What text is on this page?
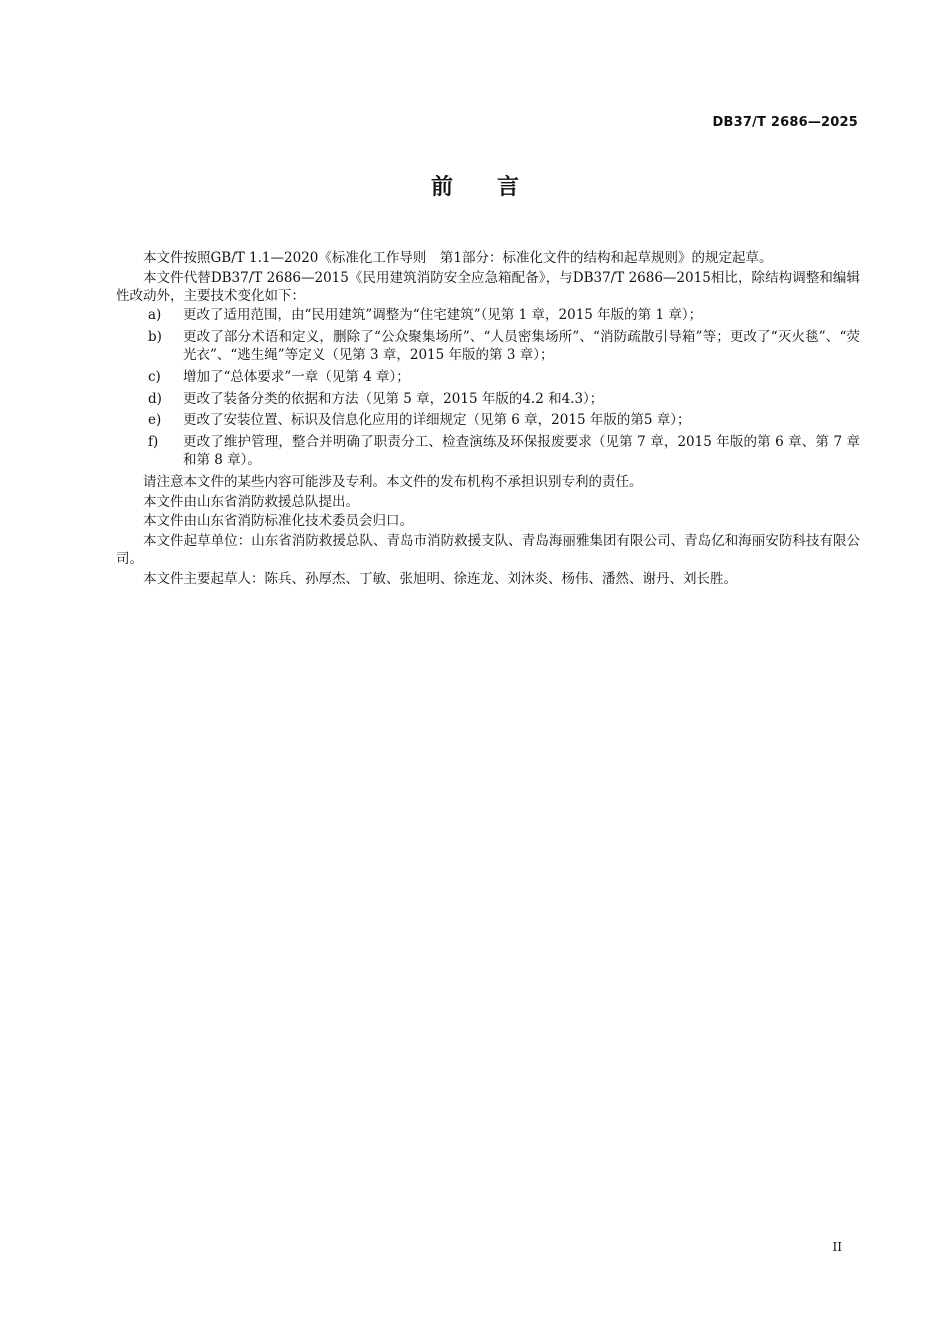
DB37/T 2686—2025
前　　言

本文件按照GB/T 1.1—2020《标准化工作导则　第1部分：标准化文件的结构和起草规则》的规定起草。

本文件代替DB37/T 2686—2015《民用建筑消防安全应急箱配备》，与DB37/T 2686—2015相比，除结构调整和编辑性改动外，主要技术变化如下：

a)	更改了适用范围，由“民用建筑”调整为“住宅建筑”（见第 1 章，2015 年版的第 1 章）；
b)	更改了部分术语和定义，删除了“公众聚集场所”、“人员密集场所”、“消防疏散引导箱”等；更改了“灭火毯”、“荧光衣”、“逃生绳”等定义（见第 3 章，2015 年版的第 3 章）；
c)	增加了“总体要求”一章（见第 4 章）；
d)	更改了装备分类的依据和方法（见第 5 章，2015 年版的4.2 和4.3）；
e)	更改了安装位置、标识及信息化应用的详细规定（见第 6 章，2015 年版的第5 章）；
f)	更改了维护管理，整合并明确了职责分工、检查演练及环保报废要求（见第 7 章，2015 年版的第 6 章、第 7 章和第 8 章）。

请注意本文件的某些内容可能涉及专利。本文件的发布机构不承担识别专利的责任。

本文件由山东省消防救援总队提出。

本文件由山东省消防标准化技术委员会归口。

本文件起草单位：山东省消防救援总队、青岛市消防救援支队、青岛海丽雅集团有限公司、青岛亿和海丽安防科技有限公司。

本文件主要起草人：陈兵、孙厚杰、丁敏、张旭明、徐连龙、刘沐炎、杨伟、潘然、谢丹、刘长胜。

II
